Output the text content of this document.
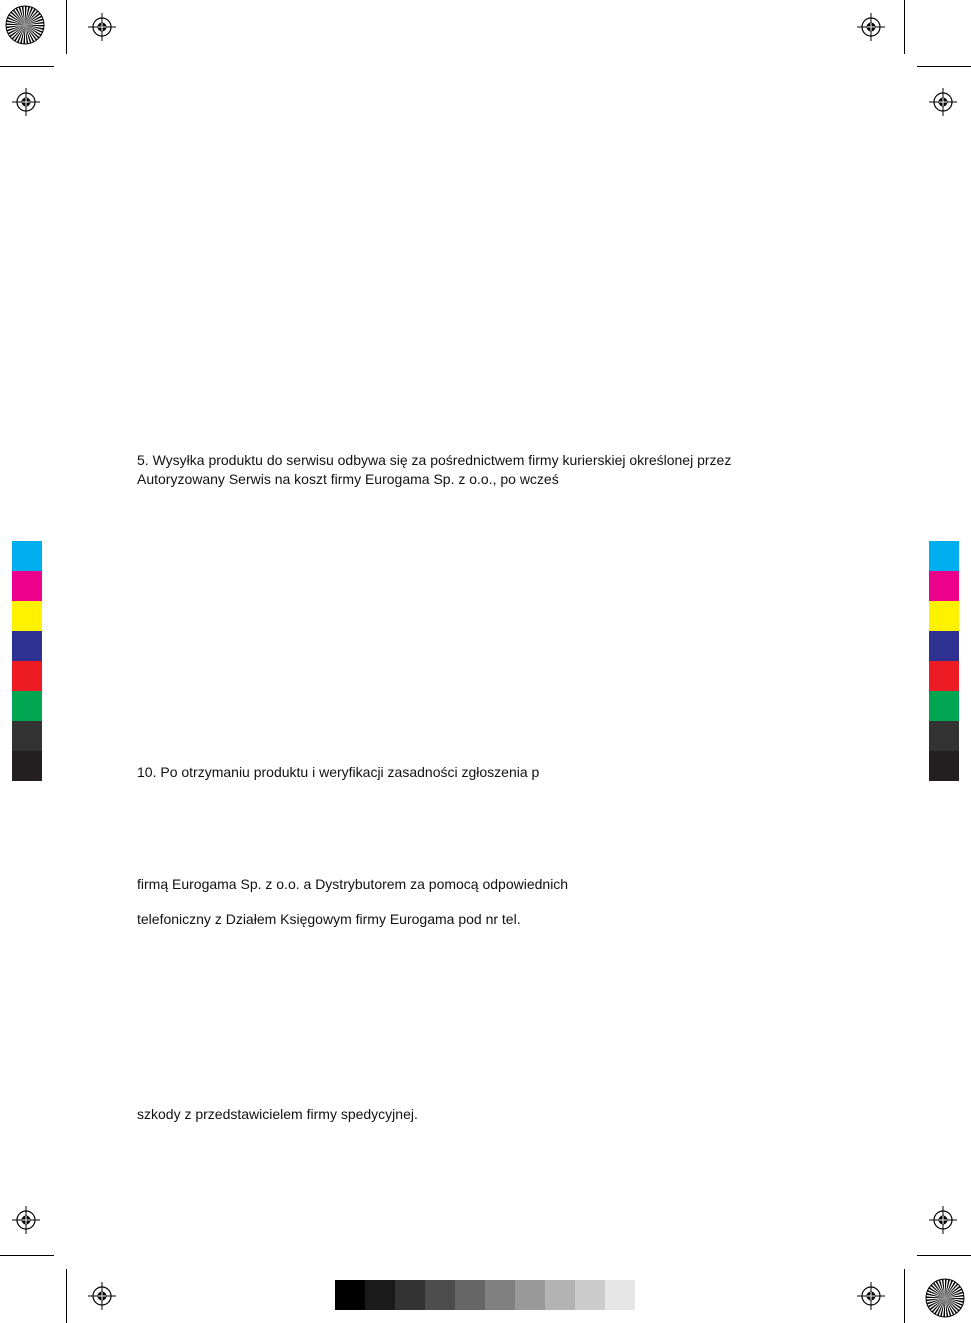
5. Wysyłka produktu do serwisu odbywa się za pośrednictwem firmy kurierskiej określonej przez
Autoryzowany Serwis na koszt firmy Eurogama Sp. z o.o., po wcześ
10. Po otrzymaniu produktu i weryfikacji zasadności zgłoszenia p
firmą Eurogama Sp. z o.o. a Dystrybutorem za pomocą odpowiednich
telefoniczny z Działem Księgowym firmy Eurogama pod nr tel.
szkody z przedstawicielem firmy spedycyjnej.
